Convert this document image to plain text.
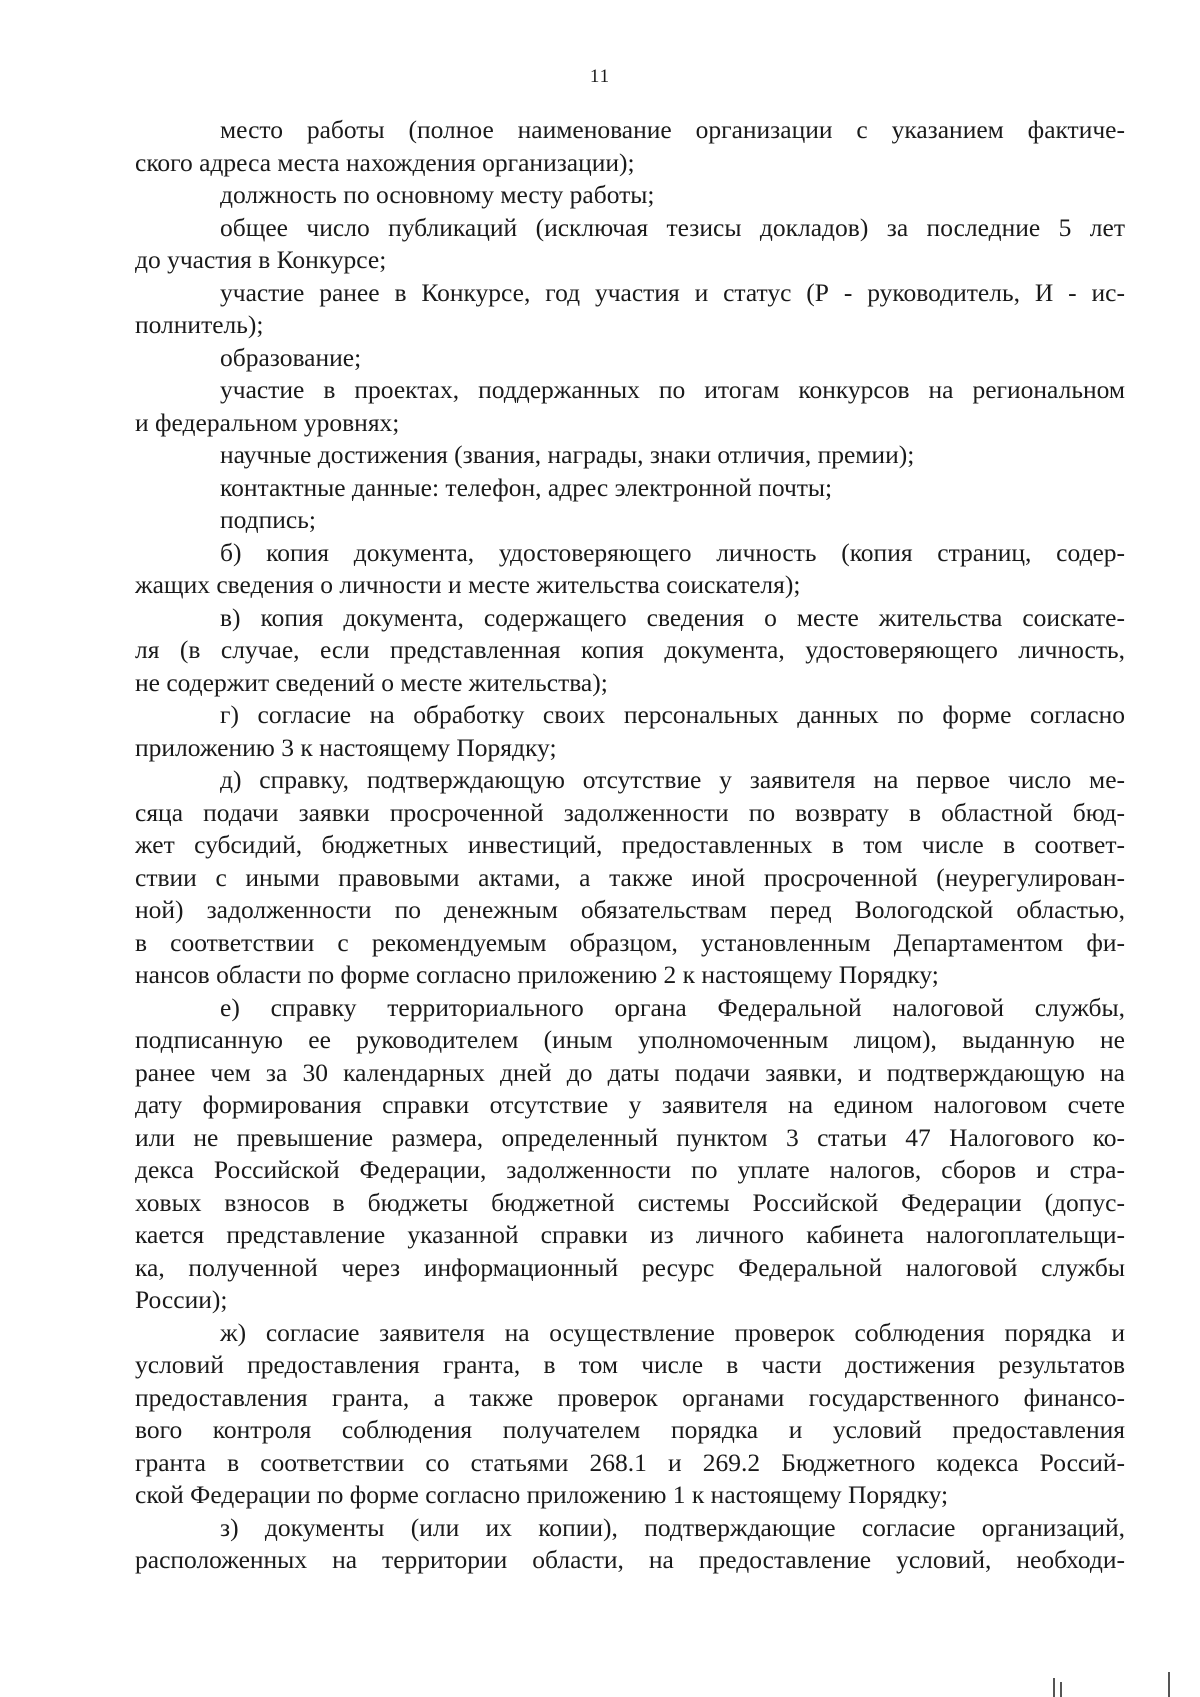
11
место работы (полное наименование организации с указанием фактиче-
ского адреса места нахождения организации);
должность по основному месту работы;
общее число публикаций (исключая тезисы докладов) за последние 5 лет
до участия в Конкурсе;
участие ранее в Конкурсе, год участия и статус (Р - руководитель, И - ис-
полнитель);
образование;
участие в проектах, поддержанных по итогам конкурсов на региональном
и федеральном уровнях;
научные достижения (звания, награды, знаки отличия, премии);
контактные данные: телефон, адрес электронной почты;
подпись;
б) копия документа, удостоверяющего личность (копия страниц, содер-
жащих сведения о личности и месте жительства соискателя);
в) копия документа, содержащего сведения о месте жительства соискате-
ля (в случае, если представленная копия документа, удостоверяющего личность,
не содержит сведений о месте жительства);
г) согласие на обработку своих персональных данных по форме согласно
приложению 3 к настоящему Порядку;
д) справку, подтверждающую отсутствие у заявителя на первое число ме-
сяца подачи заявки просроченной задолженности по возврату в областной бюд-
жет субсидий, бюджетных инвестиций, предоставленных в том числе в соответ-
ствии с иными правовыми актами, а также иной просроченной (неурегулирован-
ной) задолженности по денежным обязательствам перед Вологодской областью,
в соответствии с рекомендуемым образцом, установленным Департаментом фи-
нансов области по форме согласно приложению 2 к настоящему Порядку;
е) справку территориального органа Федеральной налоговой службы,
подписанную ее руководителем (иным уполномоченным лицом), выданную не
ранее чем за 30 календарных дней до даты подачи заявки, и подтверждающую на
дату формирования справки отсутствие у заявителя на едином налоговом счете
или не превышение размера, определенный пунктом 3 статьи 47 Налогового ко-
декса Российской Федерации, задолженности по уплате налогов, сборов и стра-
ховых взносов в бюджеты бюджетной системы Российской Федерации (допус-
кается представление указанной справки из личного кабинета налогоплательщи-
ка, полученной через информационный ресурс Федеральной налоговой службы
России);
ж) согласие заявителя на осуществление проверок соблюдения порядка и
условий предоставления гранта, в том числе в части достижения результатов
предоставления гранта, а также проверок органами государственного финансо-
вого контроля соблюдения получателем порядка и условий предоставления
гранта в соответствии со статьями 268.1 и 269.2 Бюджетного кодекса Россий-
ской Федерации по форме согласно приложению 1 к настоящему Порядку;
з) документы (или их копии), подтверждающие согласие организаций,
расположенных на территории области, на предоставление условий, необходи-
